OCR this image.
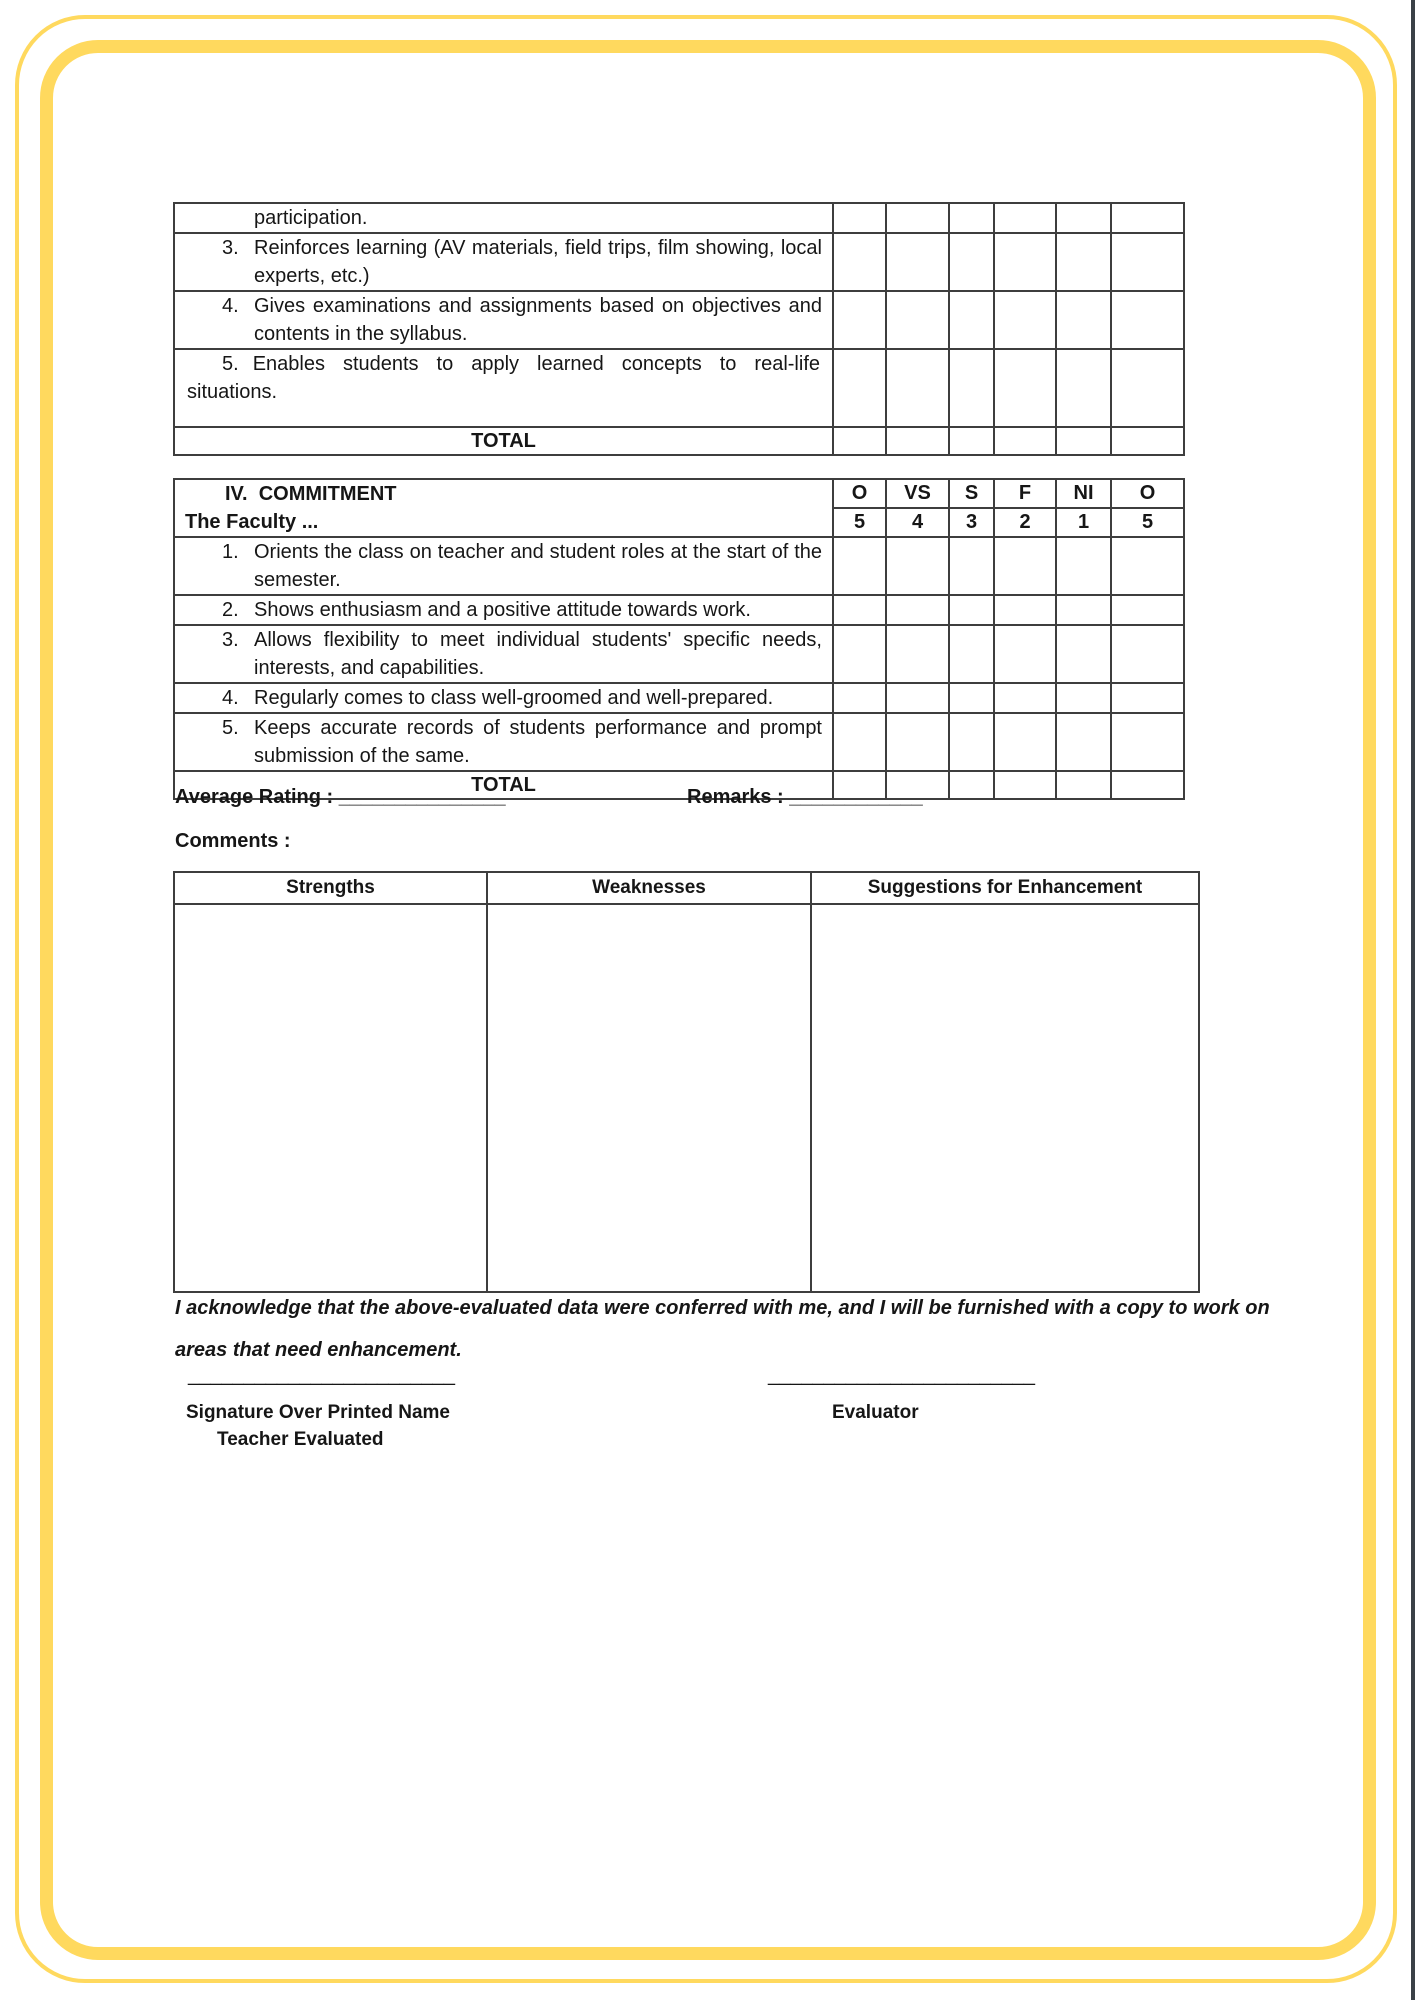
participation.						

3. Reinforces learning (AV materials, field trips, film showing, local experts, etc.)						

4. Gives examinations and assignments based on objectives and contents in the syllabus.						

5. Enables students to apply learned concepts to real-life situations.						

TOTAL						
IV.  COMMITMENT
The Faculty ...	O	VS	S	F	NI	O
	5	4	3	2	1	5

1. Orients the class on teacher and student roles at the start of the semester.						

2. Shows enthusiasm and a positive attitude towards work.						

3. Allows flexibility to meet individual students' specific needs, interests, and capabilities.						

4. Regularly comes to class well-groomed and well-prepared.						

5. Keeps accurate records of students performance and prompt submission of the same.						

TOTAL						
Average Rating : _______________	Remarks : ____________
Comments :
Strengths	Weaknesses	Suggestions for Enhancement

I acknowledge that the above-evaluated data were conferred with me, and I will be furnished with a copy to work on areas that need enhancement.
________________________
Signature Over Printed Name
Teacher Evaluated
________________________
Evaluator
